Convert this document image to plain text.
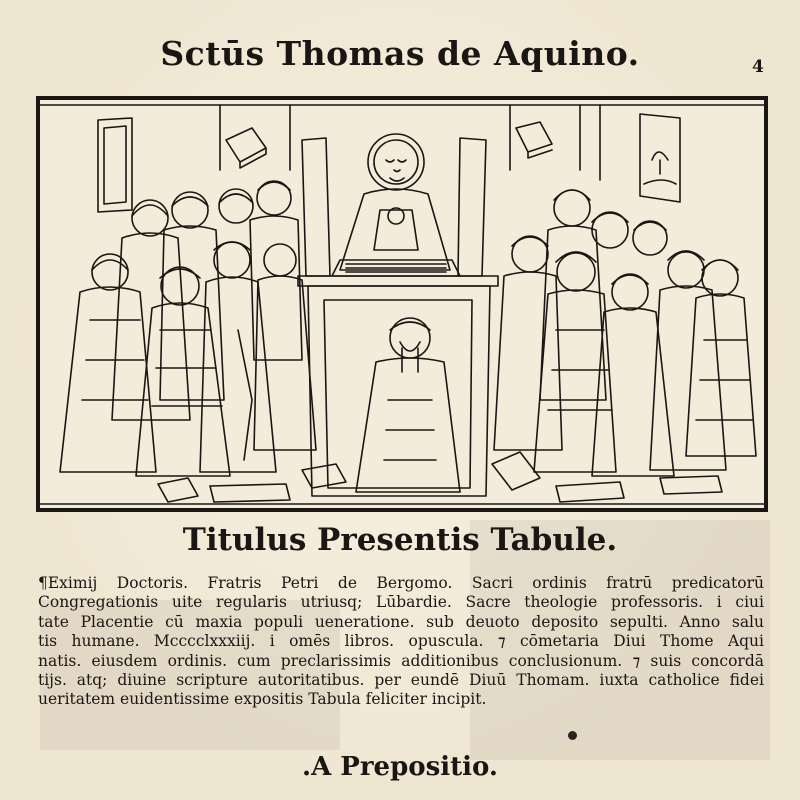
Sctūs Thomas de Aquino.	4
Titulus Presentis Tabule.
¶Eximij Doctoris. Fratris Petri de Bergomo. Sacri ordinis fratrū predicatorū
Congregationis uite regularis utriusq; Lūbardie. Sacre theologie professoris. i ciui
tate Placentie cū maxia populi ueneratione. sub deuoto deposito sepulti. Anno salu
tis humane. Mcccclxxxiij. i omēs libros. opuscula. ⁊ cōmetaria Diui Thome Aqui
natis. eiusdem ordinis. cum preclarissimis additionibus conclusionum. ⁊ suis concordā
tijs. atq; diuine scripture autoritatibus. per eundē Diuū Thomam. iuxta catholice fidei
ueritatem euidentissime expositis Tabula feliciter incipit.
.A Prepositio.
